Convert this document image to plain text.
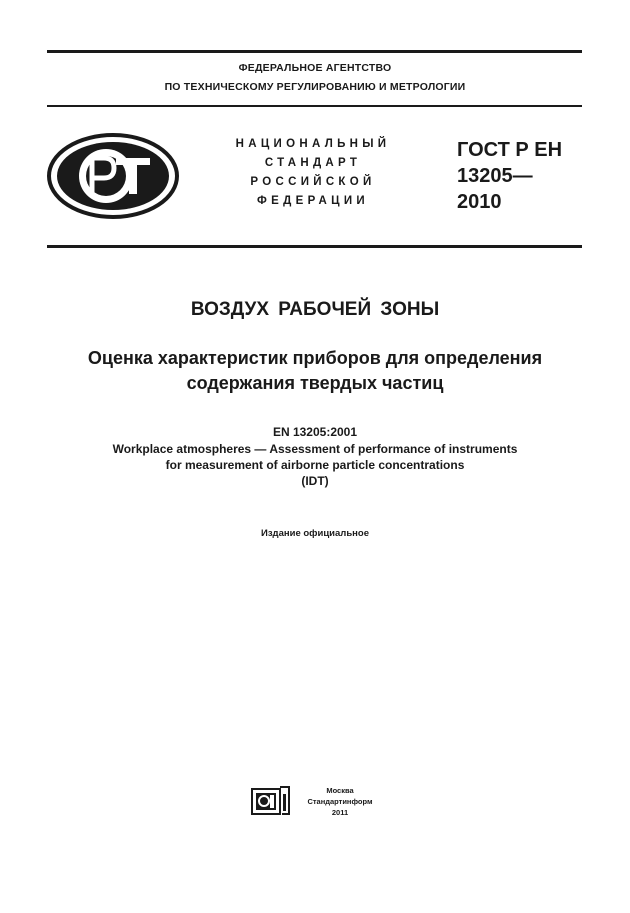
ФЕДЕРАЛЬНОЕ АГЕНТСТВО
ПО ТЕХНИЧЕСКОМУ РЕГУЛИРОВАНИЮ И МЕТРОЛОГИИ
НАЦИОНАЛЬНЫЙ
СТАНДАРТ
РОССИЙСКОЙ
ФЕДЕРАЦИИ
ГОСТ Р ЕН
13205—
2010
ВОЗДУХ РАБОЧЕЙ ЗОНЫ
Оценка характеристик приборов для определения
содержания твердых частиц
EN 13205:2001
Workplace atmospheres — Assessment of performance of instruments
for measurement of airborne particle concentrations
(IDT)
Издание официальное
Москва
Стандартинформ
2011
